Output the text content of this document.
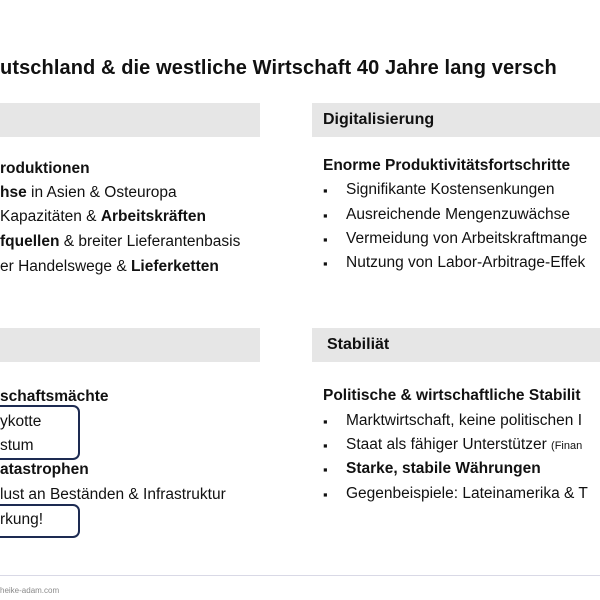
utschland & die westliche Wirtschaft 40 Jahre lang versch
roduktionen
hse in Asien & Osteuropa
Kapazitäten & Arbeitskräften
fquellen & breiter Lieferantenbasis
er Handelswege & Lieferketten
Digitalisierung
Enorme Produktivitätsfortschritte
▪ Signifikante Kostensenkungen
▪ Ausreichende Mengenzuwächse
▪ Vermeidung von Arbeitskraftmange
▪ Nutzung von Labor-Arbitrage-Effek
schaftsmächte
ykotte
stum
atastrophen
lust an Beständen & Infrastruktur
rkung!
Stabiliät
Politische & wirtschaftliche Stabilit
▪ Marktwirtschaft, keine politischen I
▪ Staat als fähiger Unterstützer (Finan
▪ Starke, stabile Währungen
▪ Gegenbeispiele: Lateinamerika & T
heike-adam.com
